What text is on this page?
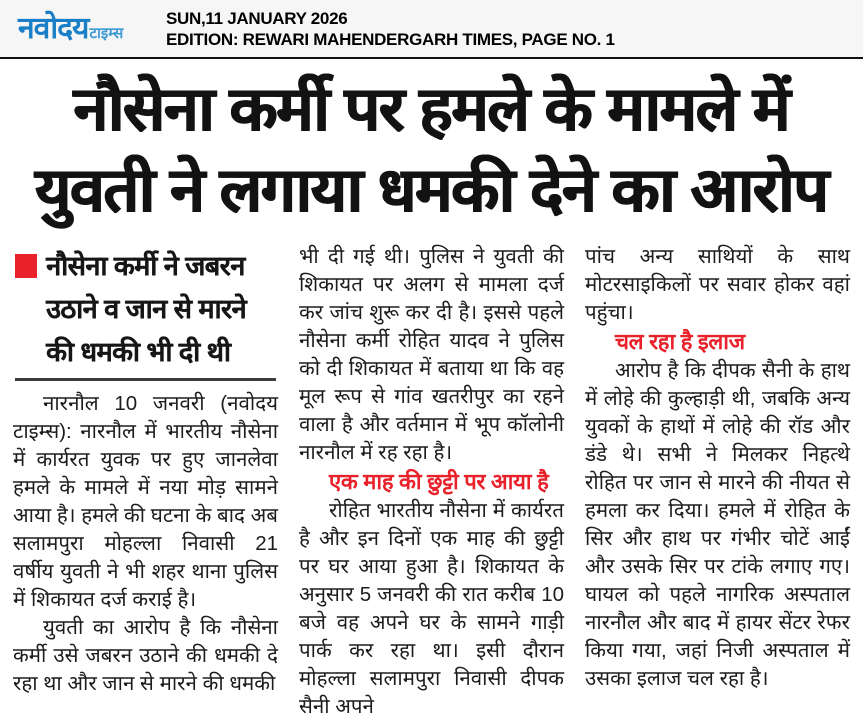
नवोदय टाइम्स
SUN,11 JANUARY 2026
EDITION: REWARI MAHENDERGARH TIMES, PAGE NO. 1
नौसेना कर्मी पर हमले के मामले में
युवती ने लगाया धमकी देने का आरोप
नौसेना कर्मी ने जबरन
उठाने व जान से मारने
की धमकी भी दी थी

नारनौल 10 जनवरी (नवोदय टाइम्स): नारनौल में भारतीय नौसेना में कार्यरत युवक पर हुए जानलेवा हमले के मामले में नया मोड़ सामने आया है। हमले की घटना के बाद अब सलामपुरा मोहल्ला निवासी 21 वर्षीय युवती ने भी शहर थाना पुलिस में शिकायत दर्ज कराई है।

युवती का आरोप है कि नौसेना कर्मी उसे जबरन उठाने की धमकी दे रहा था और जान से मारने की धमकी

भी दी गई थी। पुलिस ने युवती की शिकायत पर अलग से मामला दर्ज कर जांच शुरू कर दी है। इससे पहले नौसेना कर्मी रोहित यादव ने पुलिस को दी शिकायत में बताया था कि वह मूल रूप से गांव खतरीपुर का रहने वाला है और वर्तमान में भूप कॉलोनी नारनौल में रह रहा है।

एक माह की छुट्टी पर आया है

रोहित भारतीय नौसेना में कार्यरत है और इन दिनों एक माह की छुट्टी पर घर आया हुआ है। शिकायत के अनुसार 5 जनवरी की रात करीब 10 बजे वह अपने घर के सामने गाड़ी पार्क कर रहा था। इसी दौरान मोहल्ला सलामपुरा निवासी दीपक सैनी अपने

पांच अन्य साथियों के साथ मोटरसाइकिलों पर सवार होकर वहां पहुंचा।

चल रहा है इलाज

आरोप है कि दीपक सैनी के हाथ में लोहे की कुल्हाड़ी थी, जबकि अन्य युवकों के हाथों में लोहे की रॉड और डंडे थे। सभी ने मिलकर निहत्थे रोहित पर जान से मारने की नीयत से हमला कर दिया। हमले में रोहित के सिर और हाथ पर गंभीर चोटें आईं और उसके सिर पर टांके लगाए गए। घायल को पहले नागरिक अस्पताल नारनौल और बाद में हायर सेंटर रेफर किया गया, जहां निजी अस्पताल में उसका इलाज चल रहा है।
